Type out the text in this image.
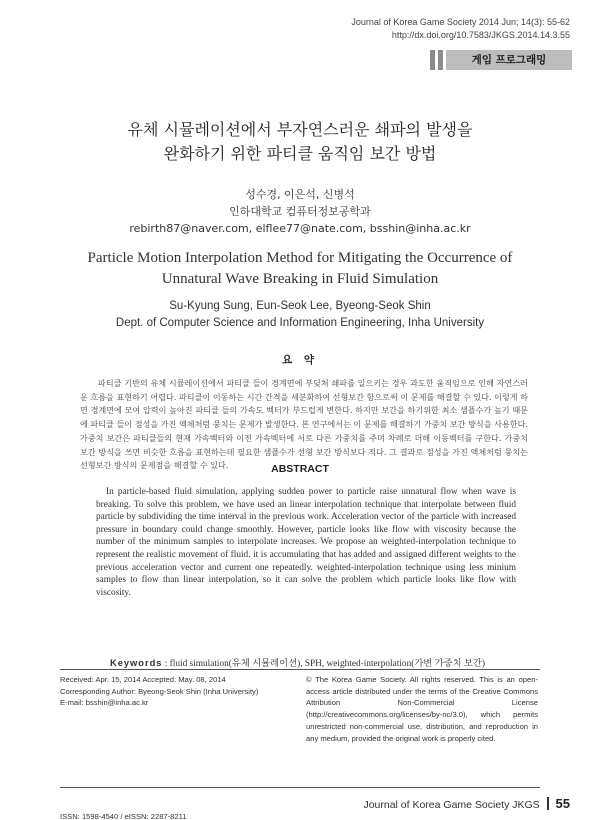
Journal of Korea Game Society 2014 Jun; 14(3): 55-62
http://dx.doi.org/10.7583/JKGS.2014.14.3.55
게임 프로그래밍
유체 시뮬레이션에서 부자연스러운 쇄파의 발생을
완화하기 위한 파티클 움직임 보간 방법
성수경, 이은석, 신병석
인하대학교 컴퓨터정보공학과
rebirth87@naver.com, elflee77@nate.com, bsshin@inha.ac.kr
Particle Motion Interpolation Method for Mitigating the Occurrence of
Unnatural Wave Breaking in Fluid Simulation
Su-Kyung Sung, Eun-Seok Lee, Byeong-Seok Shin
Dept. of Computer Science and Information Engineering, Inha University
요 약

파티클 기반의 유체 시뮬레이션에서 파티클 들이 경계면에 부딪쳐 쇄파를 일으키는 경우 과도한 움직임으로 인해 자연스러운 흐름을 표현하기 어렵다. 파티클이 이동하는 시간 간격을 세분화하여 선형보간 함으로써 이 문제를 해결할 수 있다. 이렇게 하면 경계면에 모여 압력이 높아진 파티클 들의 가속도 벡터가 부드럽게 변한다. 하지만 보간을 하기위한 최소 샘플수가 높기 때문에 파티클 들이 점성을 가진 액체처럼 뭉치는 문제가 발생한다. 본 연구에서는 이 문제를 해결하기 가중치 보간 방식을 사용한다. 가중치 보간은 파티클들의 현재 가속벡터와 이전 가속벡터에 서로 다른 가중치를 주며 차례로 더해 이동벡터를 구한다. 가중치 보간 방식을 쓰면 비슷한 흐름을 표현하는데 필요한 샘플수가 선형 보간 방식보다 적다. 그 결과로 점성을 가진 액체처럼 뭉치는 선형보간 방식의 문제점을 해결할 수 있다.	ABSTRACT

In particle-based fluid simulation, applying sudden power to particle raise unnatural flow when wave is breaking. To solve this problem, we have used an linear interpolation technique that interpolate between fluid particle by subdividing the time interval in the previous work. Acceleration vector of the particle with increased pressure in boundary could change smoothly. However, particle looks like flow with viscosity because the number of the minimum samples to interpolate increases. We propose an weighted-interpolation technique to represent the realistic movement of fluid. it is accumulating that has added and assigned different weights to the previous acceleration vector and current one repeatedly. weighted-interpolation technique using less minium samples to flow than linear interpolation, so it can solve the problem which particle looks like flow with viscosity.

Keywords : fluid simulation(유체 시뮬레이션), SPH, weighted-interpolation(가변 가중치 보간)
Received: Apr. 15, 2014 Accepted: May. 08, 2014
Corresponding Author: Byeong-Seok Shin (Inha University)
E-mail: bsshin@inha.ac.kr
ISSN: 1598-4540 / eISSN: 2287-8211
© The Korea Game Society. All rights reserved. This is an open-access article distributed under the terms of the Creative Commons Attribution Non-Commercial License (http://creativecommons.org/licenses/by-nc/3.0), which permits unrestricted non-commercial use, distribution, and reproduction in any medium, provided the original work is properly cited.
Journal of Korea Game Society JKGS 55
